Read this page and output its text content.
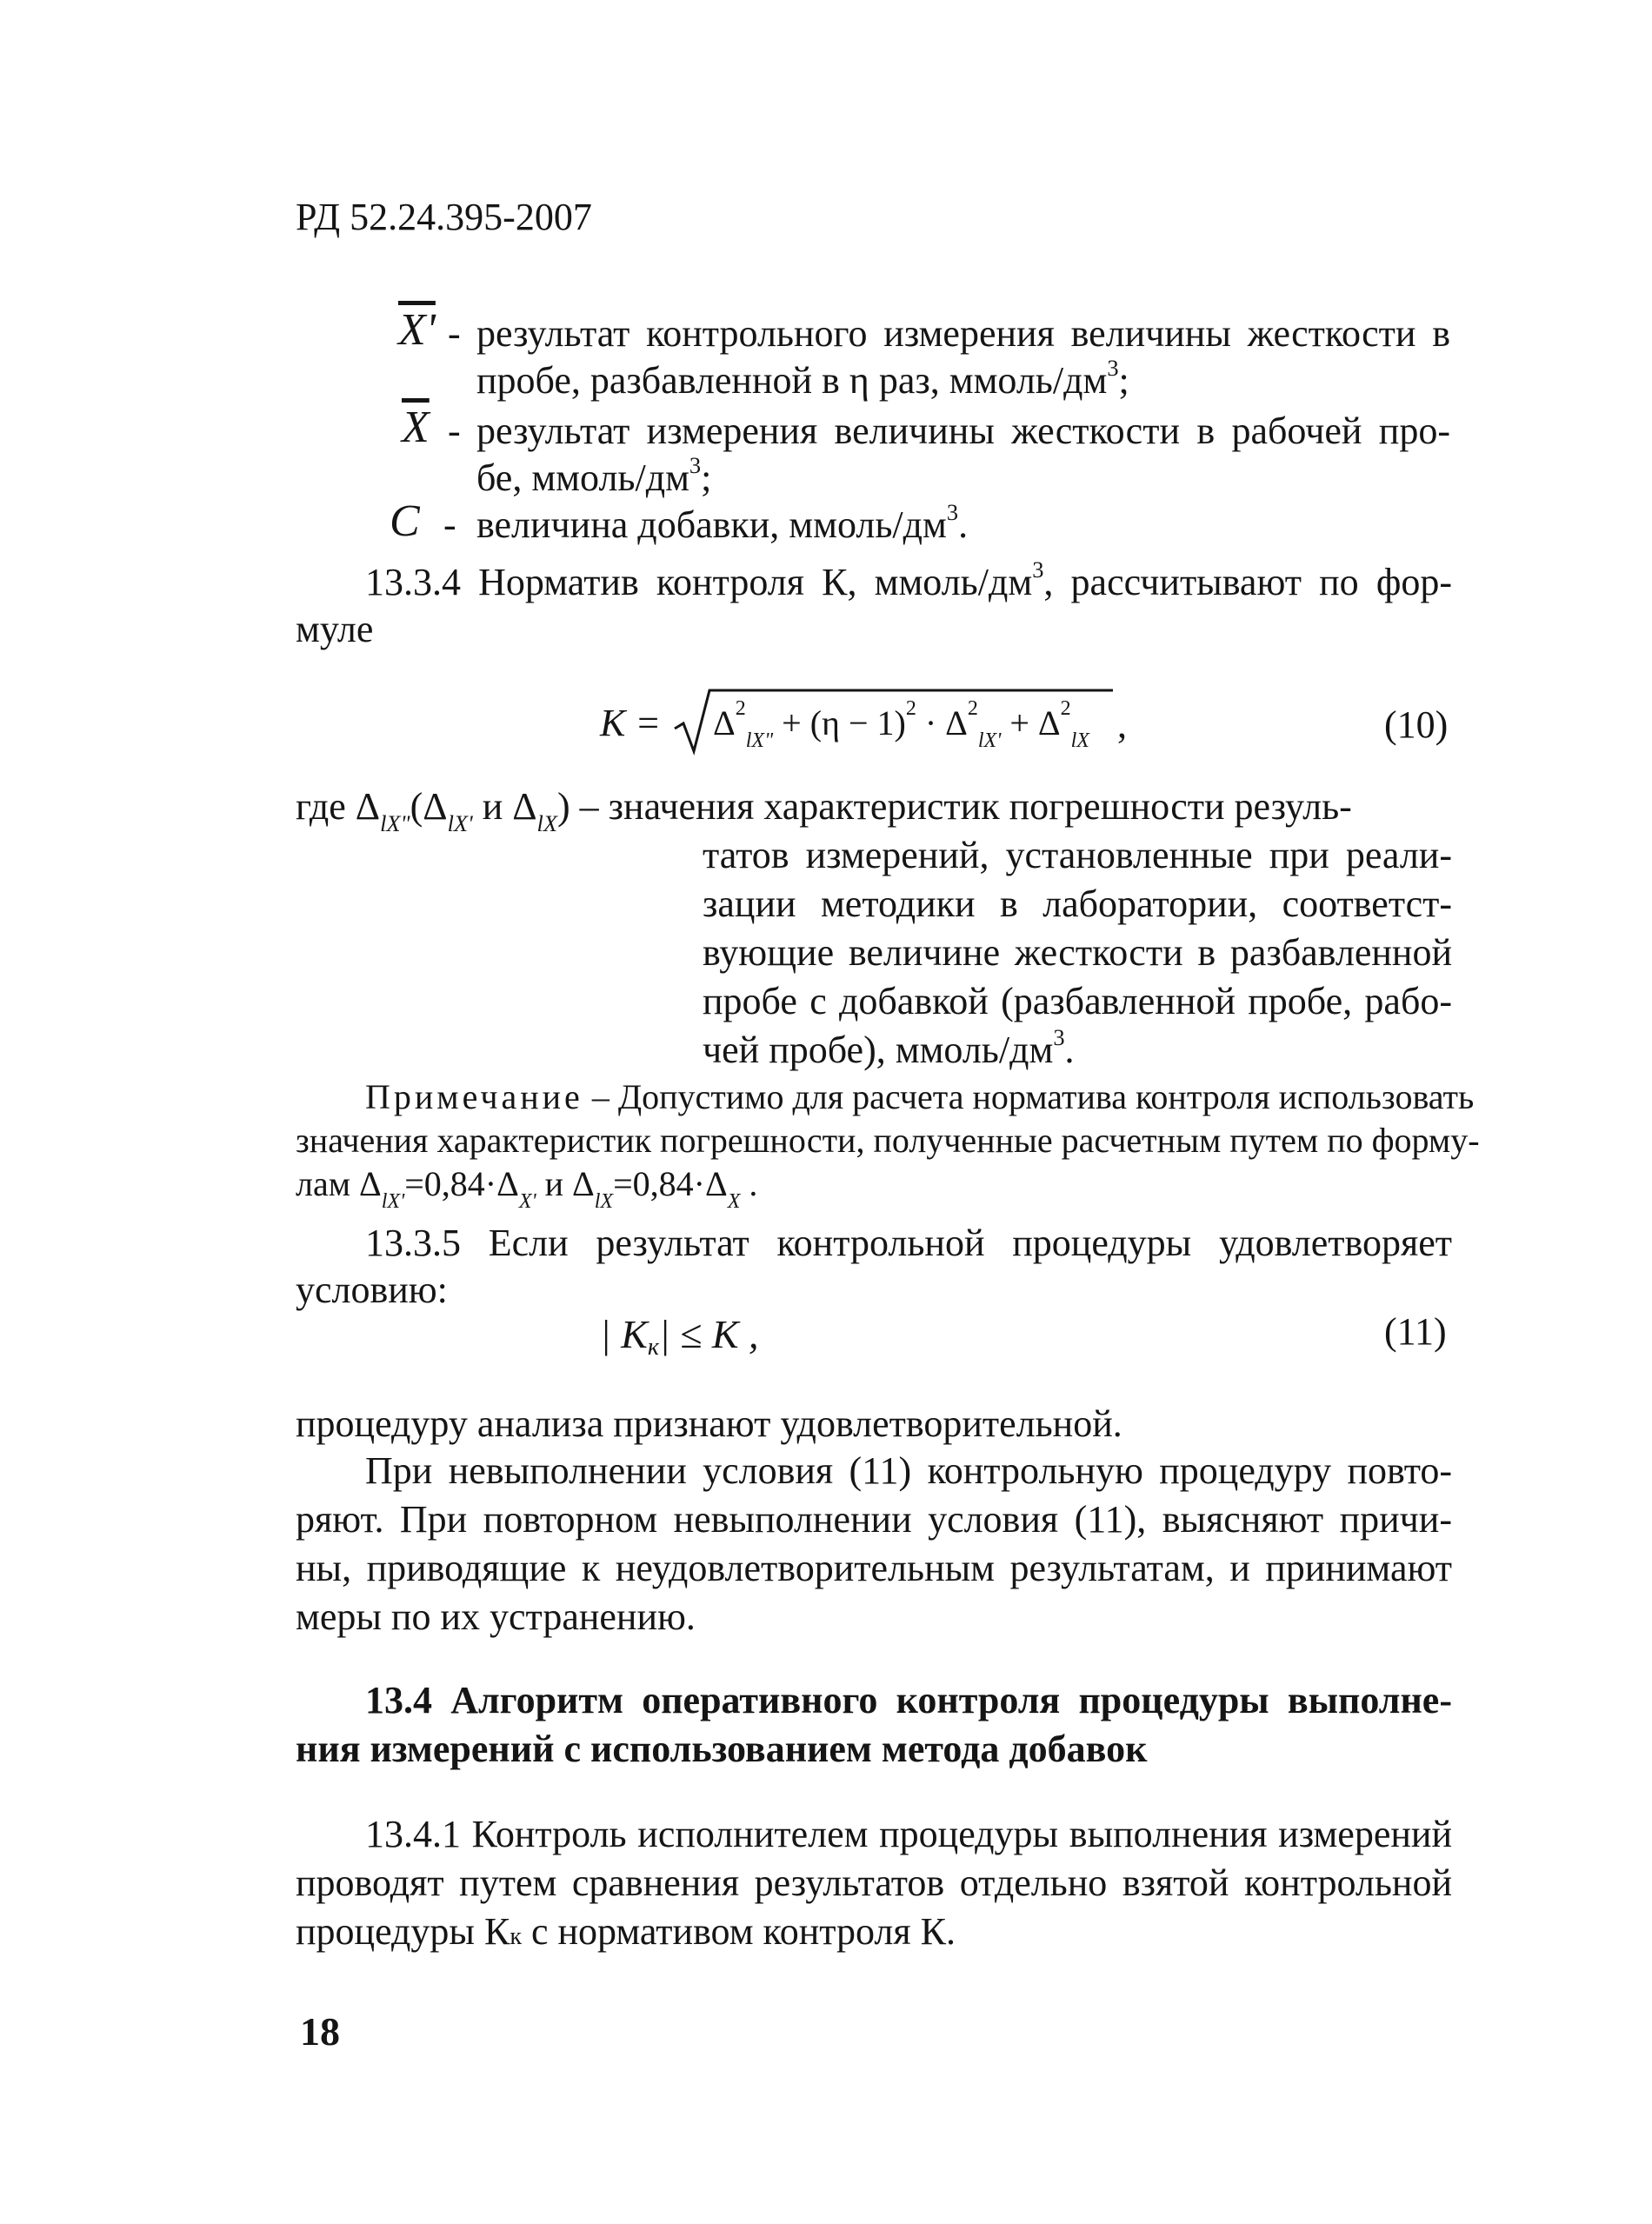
РД 52.24.395-2007
X' - результат контрольного измерения величины жесткости в
пробе, разбавленной в η раз, ммоль/$дм^3$;
$\overline{X}$ - результат измерения величины жесткости в рабочей про-
бе, ммоль/$дм^3$;
C - величина добавки, ммоль/$дм^3$.
13.3.4 Норматив контроля К, ммоль/$дм^3$, рассчитывают по фор-
муле
$K = \Delta^2_{lX"} + (\eta - 1)^2 \cdot \Delta^2_{lX'} + \Delta^2_{lX}$ ,	(10)
где $\Delta_{lX"}(\Delta_{lX'}$ и $\Delta_{lX}$) – значения характеристик погрешности резуль-
татов измерений, установленные при реали-
зации методики в лаборатории, соответст-
вующие величине жесткости в разбавленной
пробе с добавкой (разбавленной пробе, рабо-
чей пробе), ммоль/$дм^3$.
Примечание – Допустимо для расчета норматива контроля использовать
значения характеристик погрешности, полученные расчетным путем по форму-
лам $\Delta_{lX'}=0,84\cdot\Delta_{X'}$ и $\Delta_{lX}=0,84\cdot\Delta_X$ .
13.3.5 Если результат контрольной процедуры удовлетворяет
условию:
| Kк| ≤ K ,	(11)
процедуру анализа признают удовлетворительной.
При невыполнении условия (11) контрольную процедуру повто-
ряют. При повторном невыполнении условия (11), выясняют причи-
ны, приводящие к неудовлетворительным результатам, и принимают
меры по их устранению.
13.4 Алгоритм оперативного контроля процедуры выполне-
ния измерений с использованием метода добавок
13.4.1 Контроль исполнителем процедуры выполнения измерений
проводят путем сравнения результатов отдельно взятой контрольной
процедуры Кк с нормативом контроля К.
18
